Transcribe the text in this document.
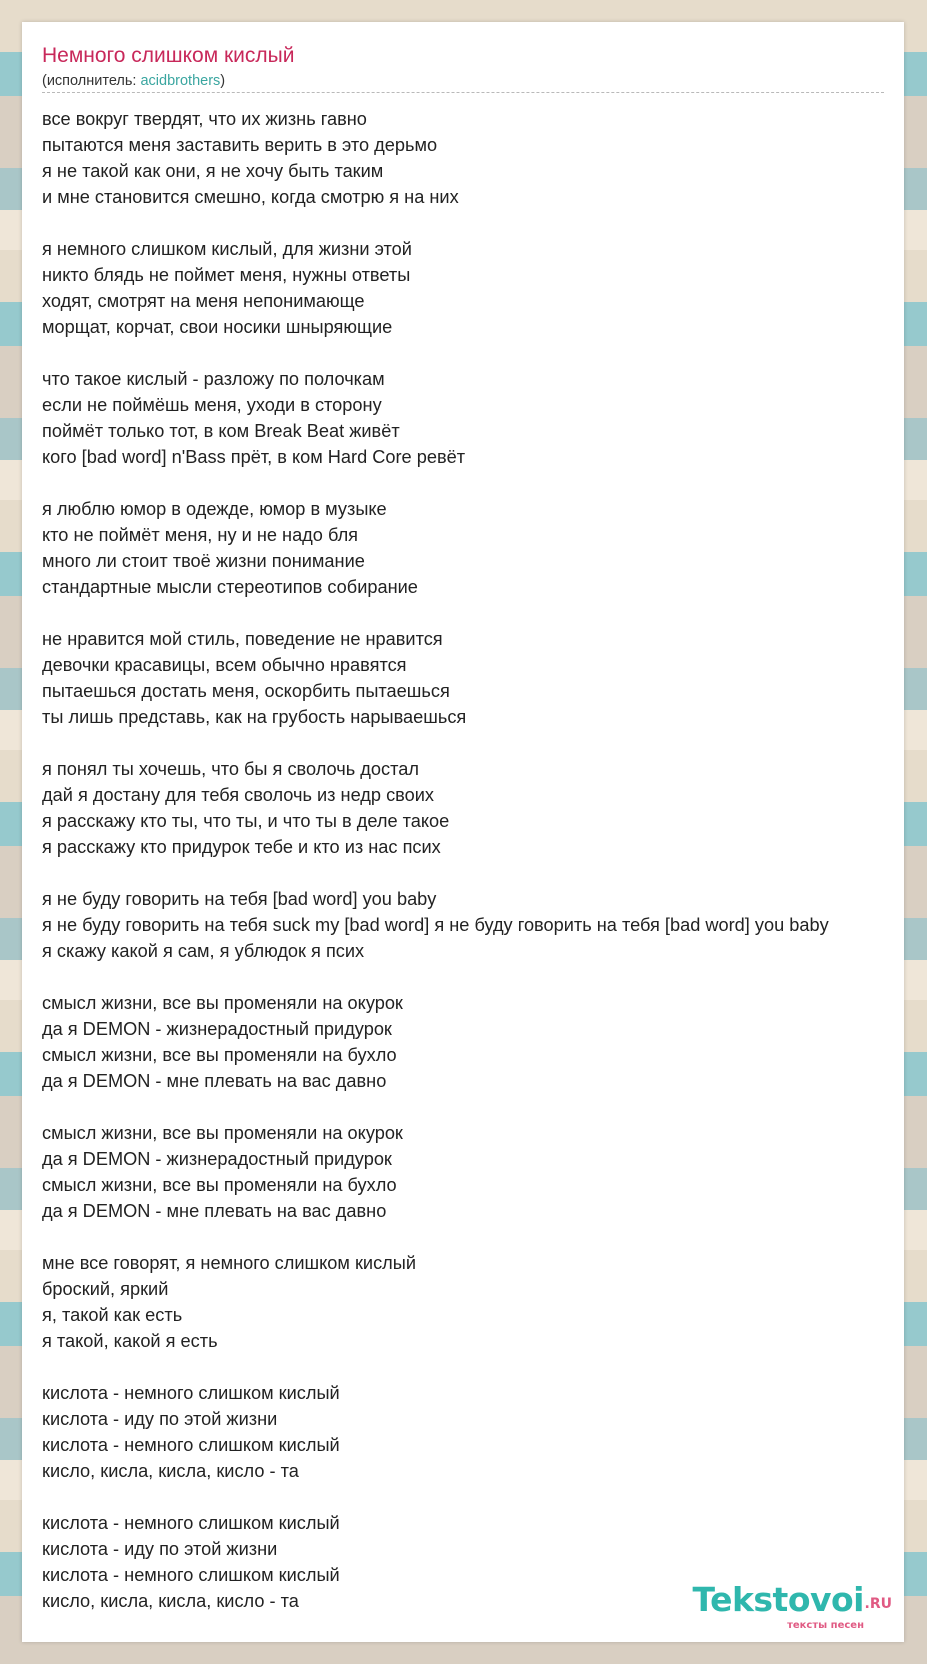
Немного слишком кислый
(исполнитель: acidbrothers)
все вокруг твердят, что их жизнь гавно
пытаются меня заставить верить в это дерьмо
я не такой как они, я не хочу быть таким
и мне становится смешно, когда смотрю я на них
я немного слишком кислый, для жизни этой
никто блядь не поймет меня, нужны ответы
ходят, смотрят на меня непонимающе
морщат, корчат, свои носики шныряющие
что такое кислый - разложу по полочкам
если не поймёшь меня, уходи в сторону
поймёт только тот, в ком Break Beat живёт
кого [bad word] n'Bass прёт, в ком Hard Core ревёт
я люблю юмор в одежде, юмор в музыке
кто не поймёт меня, ну и не надо бля
много ли стоит твоё жизни понимание
стандартные мысли стереотипов собирание
не нравится мой стиль, поведение не нравится
девочки красавицы, всем обычно нравятся
пытаешься достать меня, оскорбить пытаешься
ты лишь представь, как на грубость нарываешься
я понял ты хочешь, что бы я сволочь достал
дай я достану для тебя сволочь из недр своих
я расскажу кто ты, что ты, и что ты в деле такое
я расскажу кто придурок тебе и кто из нас псих
я не буду говорить на тебя [bad word] you baby
я не буду говорить на тебя suck my [bad word] я не буду говорить на тебя [bad word] you baby
я скажу какой я сам, я ублюдок я псих
смысл жизни, все вы променяли на окурок
да я DEMON - жизнерадостный придурок
смысл жизни, все вы променяли на бухло
да я DEMON - мне плевать на вас давно
смысл жизни, все вы променяли на окурок
да я DEMON - жизнерадостный придурок
смысл жизни, все вы променяли на бухло
да я DEMON - мне плевать на вас давно
мне все говорят, я немного слишком кислый
броский, яркий
я, такой как есть
я такой, какой я есть
кислота - немного слишком кислый
кислота - иду по этой жизни
кислота - немного слишком кислый
кисло, кисла, кисла, кисло - та
кислота - немного слишком кислый
кислота - иду по этой жизни
кислота - немного слишком кислый
кисло, кисла, кисла, кисло - та	Tekstovoi .RU
тексты песен
